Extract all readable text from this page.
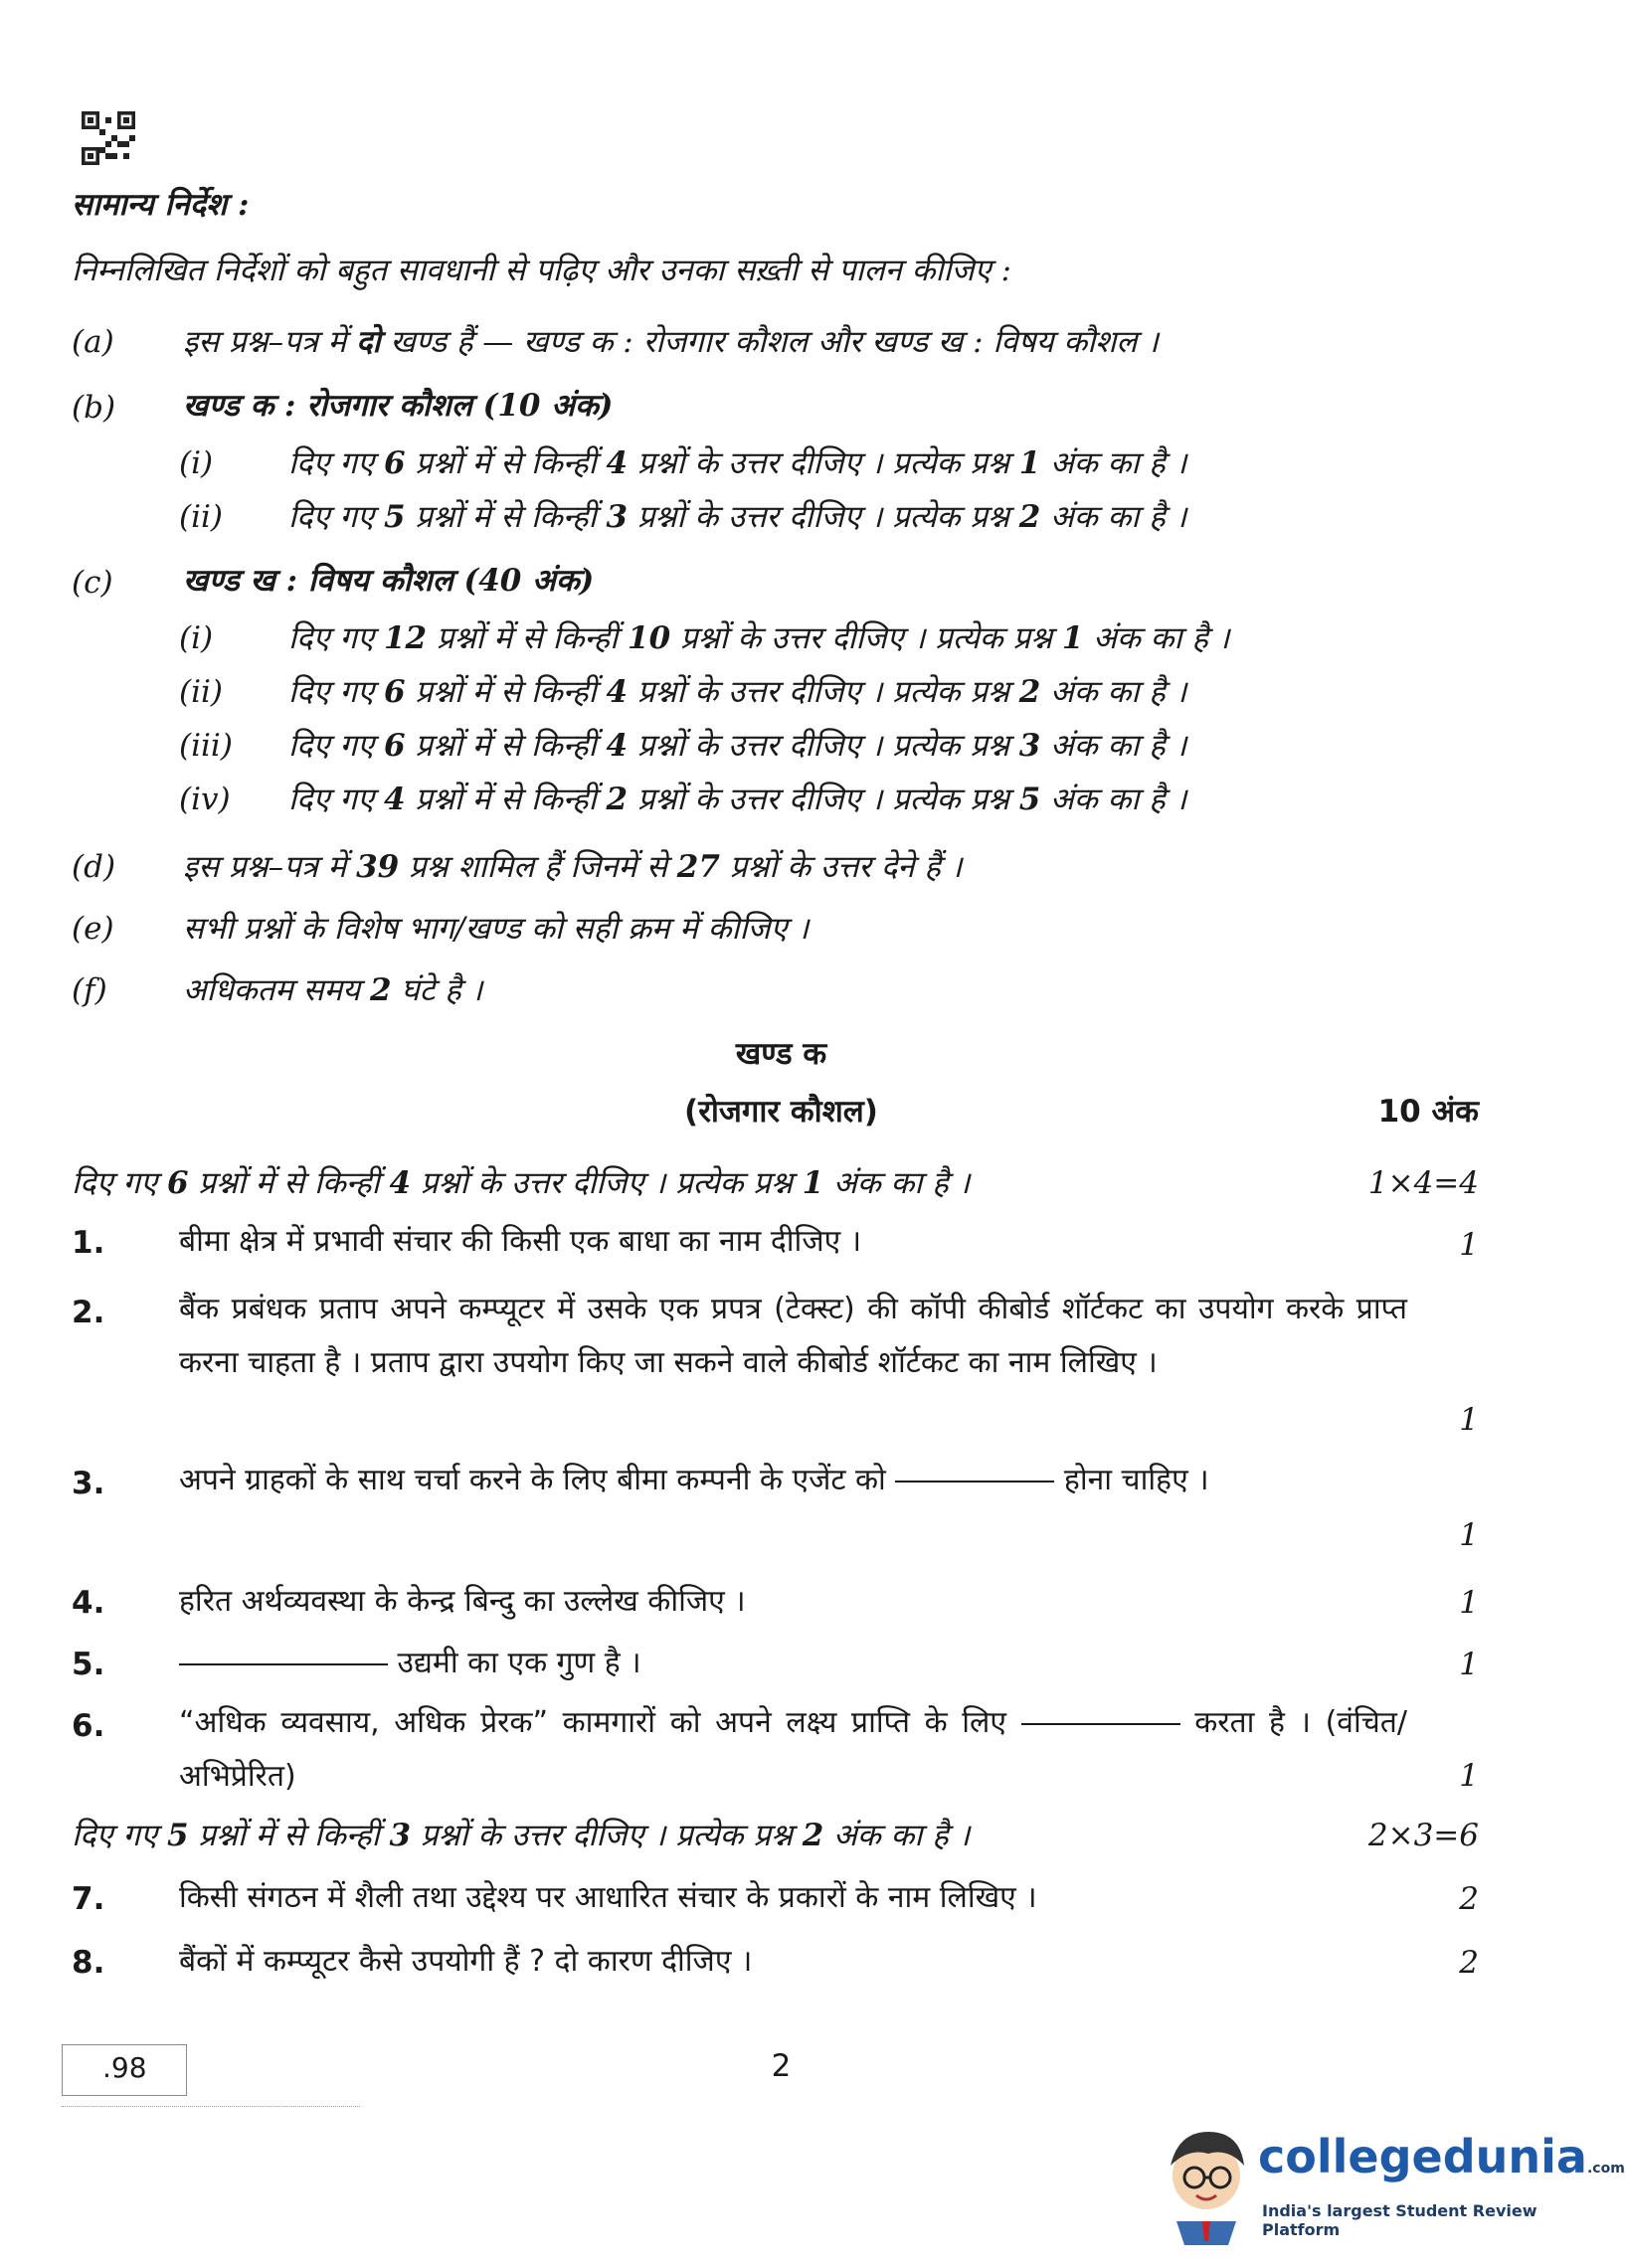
सामान्य निर्देश :
निम्नलिखित निर्देशों को बहुत सावधानी से पढ़िए और उनका सख़्ती से पालन कीजिए :
(a) इस प्रश्न–पत्र में दो खण्ड हैं — खण्ड क : रोजगार कौशल और खण्ड ख : विषय कौशल ।
(b) खण्ड क : रोजगार कौशल (10 अंक)
(i) दिए गए 6 प्रश्नों में से किन्हीं 4 प्रश्नों के उत्तर दीजिए । प्रत्येक प्रश्न 1 अंक का है ।
(ii) दिए गए 5 प्रश्नों में से किन्हीं 3 प्रश्नों के उत्तर दीजिए । प्रत्येक प्रश्न 2 अंक का है ।
(c) खण्ड ख : विषय कौशल (40 अंक)
(i) दिए गए 12 प्रश्नों में से किन्हीं 10 प्रश्नों के उत्तर दीजिए । प्रत्येक प्रश्न 1 अंक का है ।
(ii) दिए गए 6 प्रश्नों में से किन्हीं 4 प्रश्नों के उत्तर दीजिए । प्रत्येक प्रश्न 2 अंक का है ।
(iii) दिए गए 6 प्रश्नों में से किन्हीं 4 प्रश्नों के उत्तर दीजिए । प्रत्येक प्रश्न 3 अंक का है ।
(iv) दिए गए 4 प्रश्नों में से किन्हीं 2 प्रश्नों के उत्तर दीजिए । प्रत्येक प्रश्न 5 अंक का है ।
(d) इस प्रश्न–पत्र में 39 प्रश्न शामिल हैं जिनमें से 27 प्रश्नों के उत्तर देने हैं ।
(e) सभी प्रश्नों के विशेष भाग/खण्ड को सही क्रम में कीजिए ।
(f) अधिकतम समय 2 घंटे है ।
खण्ड क
(रोजगार कौशल)	10 अंक
दिए गए 6 प्रश्नों में से किन्हीं 4 प्रश्नों के उत्तर दीजिए । प्रत्येक प्रश्न 1 अंक का है ।	1×4=4
1. बीमा क्षेत्र में प्रभावी संचार की किसी एक बाधा का नाम दीजिए ।	1
2. बैंक प्रबंधक प्रताप अपने कम्प्यूटर में उसके एक प्रपत्र (टेक्स्ट) की कॉपी कीबोर्ड शॉर्टकट का उपयोग करके प्राप्त करना चाहता है । प्रताप द्वारा उपयोग किए जा सकने वाले कीबोर्ड शॉर्टकट का नाम लिखिए ।
1
3. अपने ग्राहकों के साथ चर्चा करने के लिए बीमा कम्पनी के एजेंट को	होना चाहिए ।
1
4. हरित अर्थव्यवस्था के केन्द्र बिन्दु का उल्लेख कीजिए ।	1
5.	उद्यमी का एक गुण है ।	1
6. “अधिक व्यवसाय, अधिक प्रेरक” कामगारों को अपने लक्ष्य प्राप्ति के लिए	करता है । (वंचित/अभिप्रेरित)	1
दिए गए 5 प्रश्नों में से किन्हीं 3 प्रश्नों के उत्तर दीजिए । प्रत्येक प्रश्न 2 अंक का है ।	2×3=6
7. किसी संगठन में शैली तथा उद्देश्य पर आधारित संचार के प्रकारों के नाम लिखिए ।	2
8. बैंकों में कम्प्यूटर कैसे उपयोगी हैं ? दो कारण दीजिए ।	2
.98	2
collegedunia.com
India's largest Student Review Platform
